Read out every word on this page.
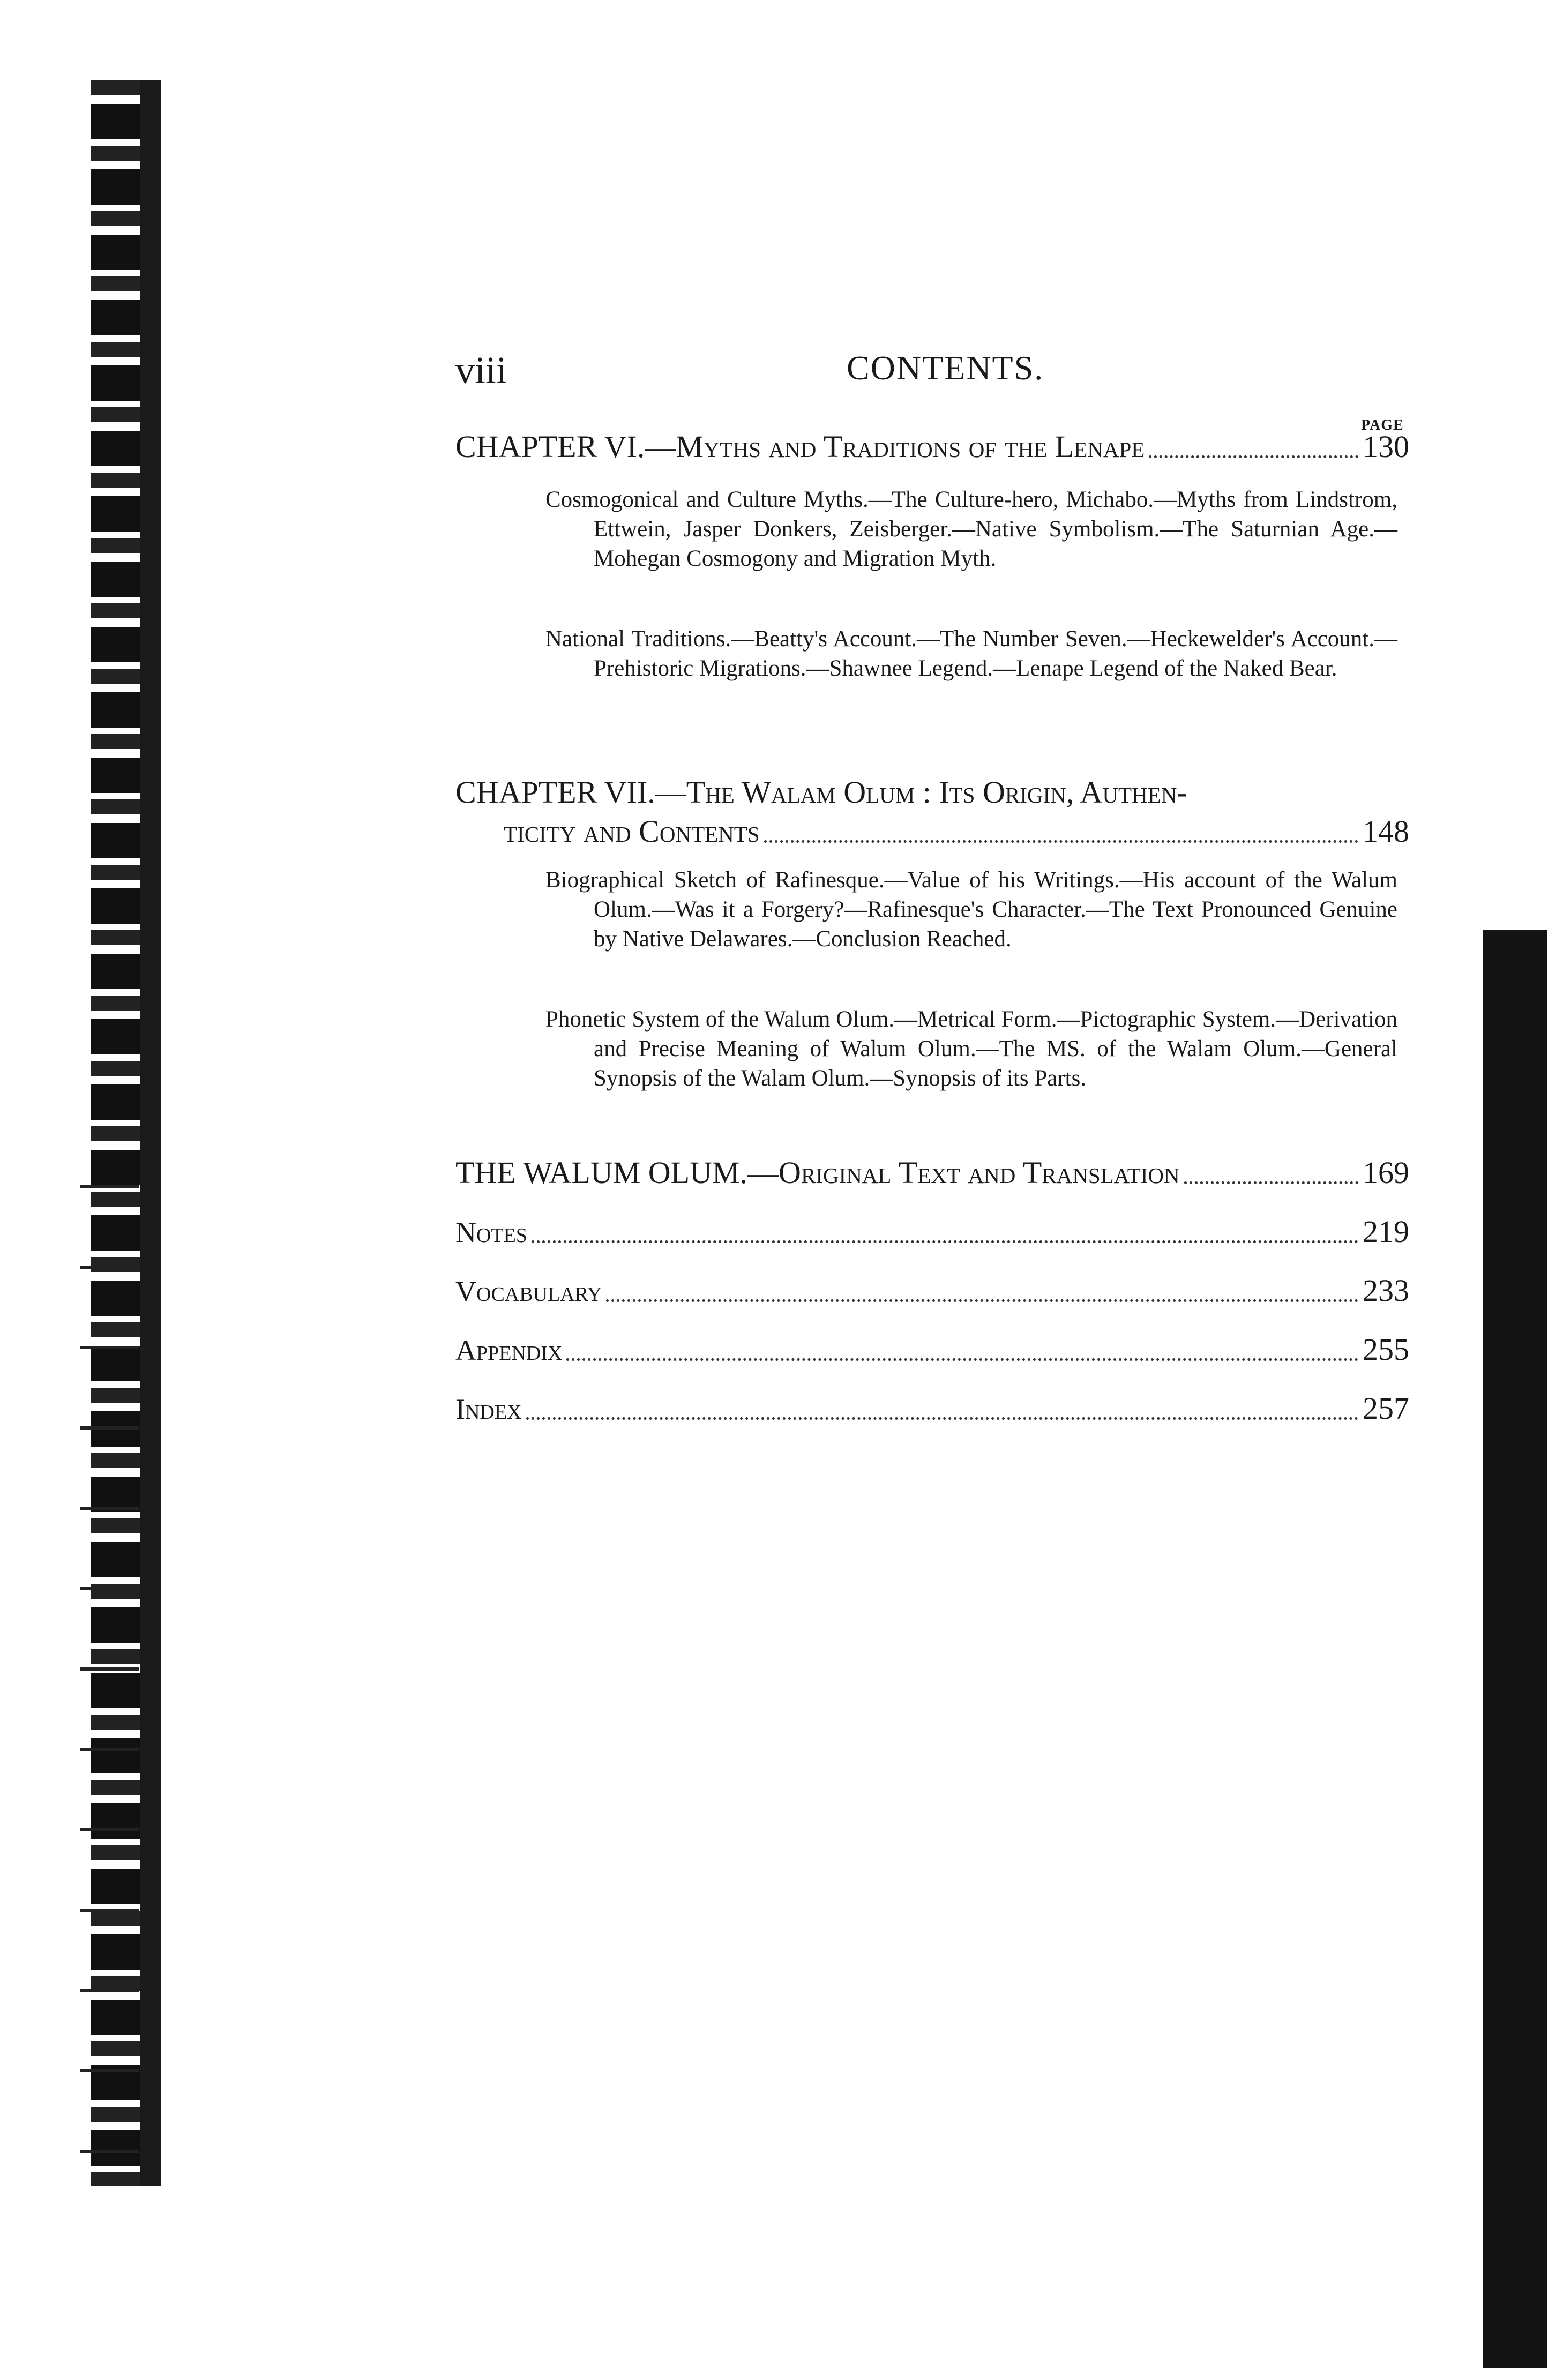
viii	CONTENTS.
PAGE
CHAPTER VI.—Myths and Traditions of the Lenape	130

Cosmogonical and Culture Myths.—The Culture-hero, Michabo.—Myths from Lindstrom, Ettwein, Jasper Donkers, Zeisberger.—Native Symbolism.—The Saturnian Age.—Mohegan Cosmogony and Migration Myth.

National Traditions.—Beatty's Account.—The Number Seven.—Heckewelder's Account.—Prehistoric Migrations.—Shawnee Legend.—Lenape Legend of the Naked Bear.

CHAPTER VII.—The Walam Olum : Its Origin, Authen-
ticity and Contents	148

Biographical Sketch of Rafinesque.—Value of his Writings.—His account of the Walum Olum.—Was it a Forgery?—Rafinesque's Character.—The Text Pronounced Genuine by Native Delawares.—Conclusion Reached.

Phonetic System of the Walum Olum.—Metrical Form.—Pictographic System.—Derivation and Precise Meaning of Walum Olum.—The MS. of the Walam Olum.—General Synopsis of the Walam Olum.—Synopsis of its Parts.

THE WALUM OLUM.—Original Text and Translation	169
Notes	219
Vocabulary	233
Appendix	255
Index	257
